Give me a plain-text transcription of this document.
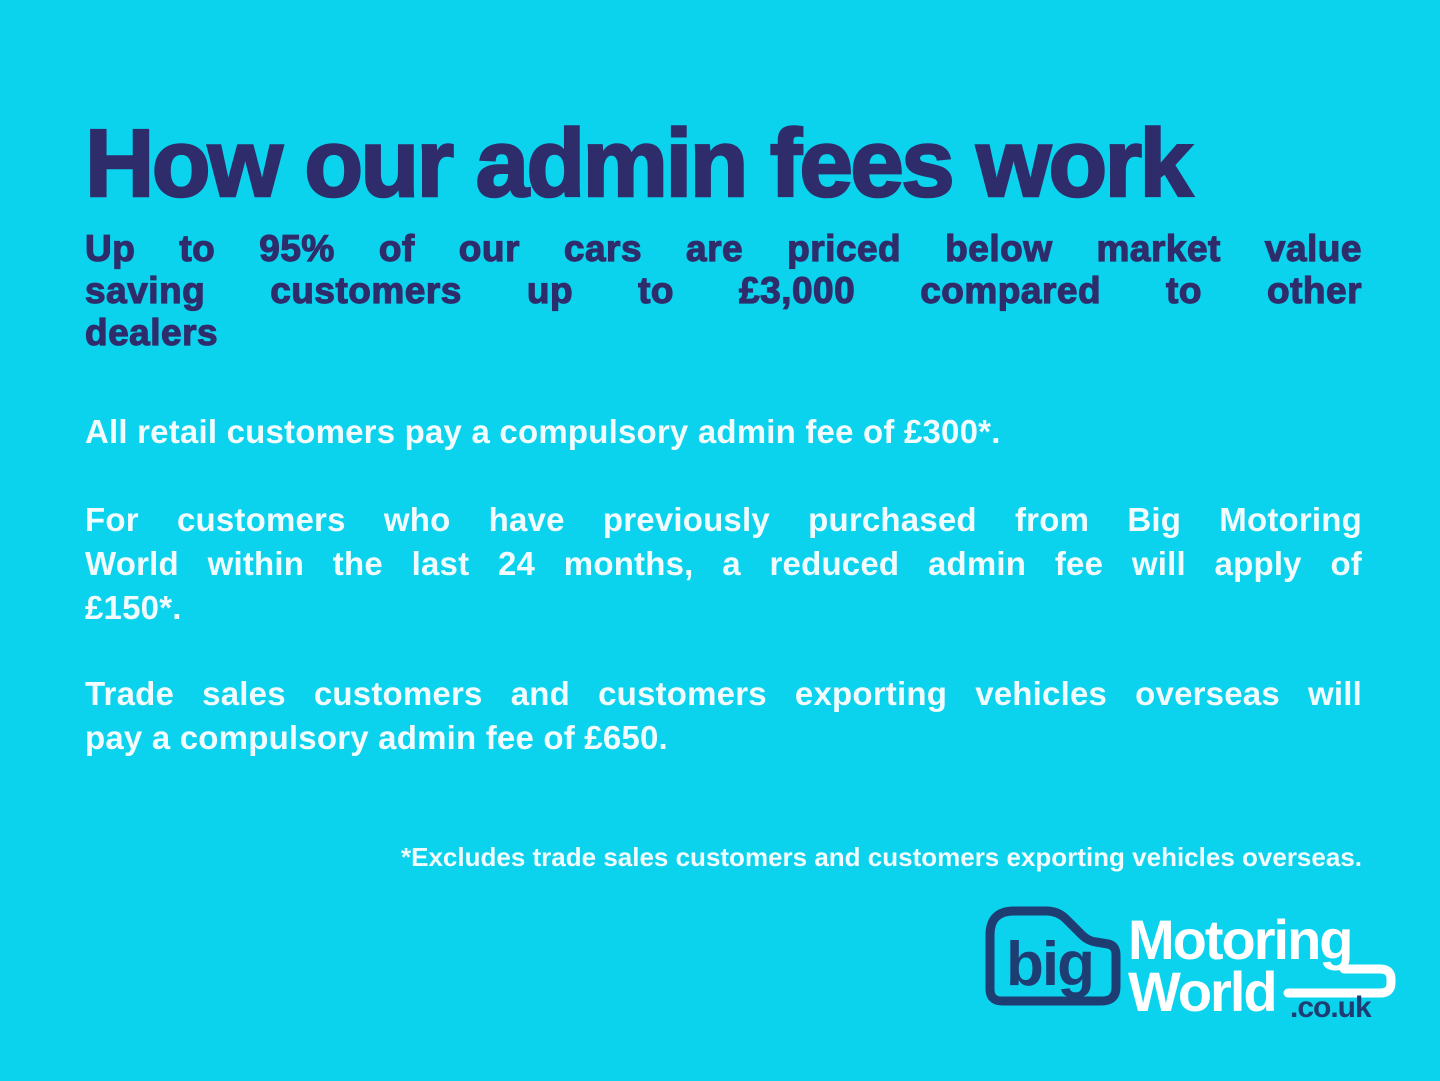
How our admin fees work

Up to 95% of our cars are priced below market value
saving customers up to £3,000 compared to other
dealers

All retail customers pay a compulsory admin fee of £300*.

For customers who have previously purchased from Big Motoring
World within the last 24 months, a reduced admin fee will apply of
£150*.

Trade sales customers and customers exporting vehicles overseas will
pay a compulsory admin fee of £650.

*Excludes trade sales customers and customers exporting vehicles overseas.

big Motoring
World .co.uk
